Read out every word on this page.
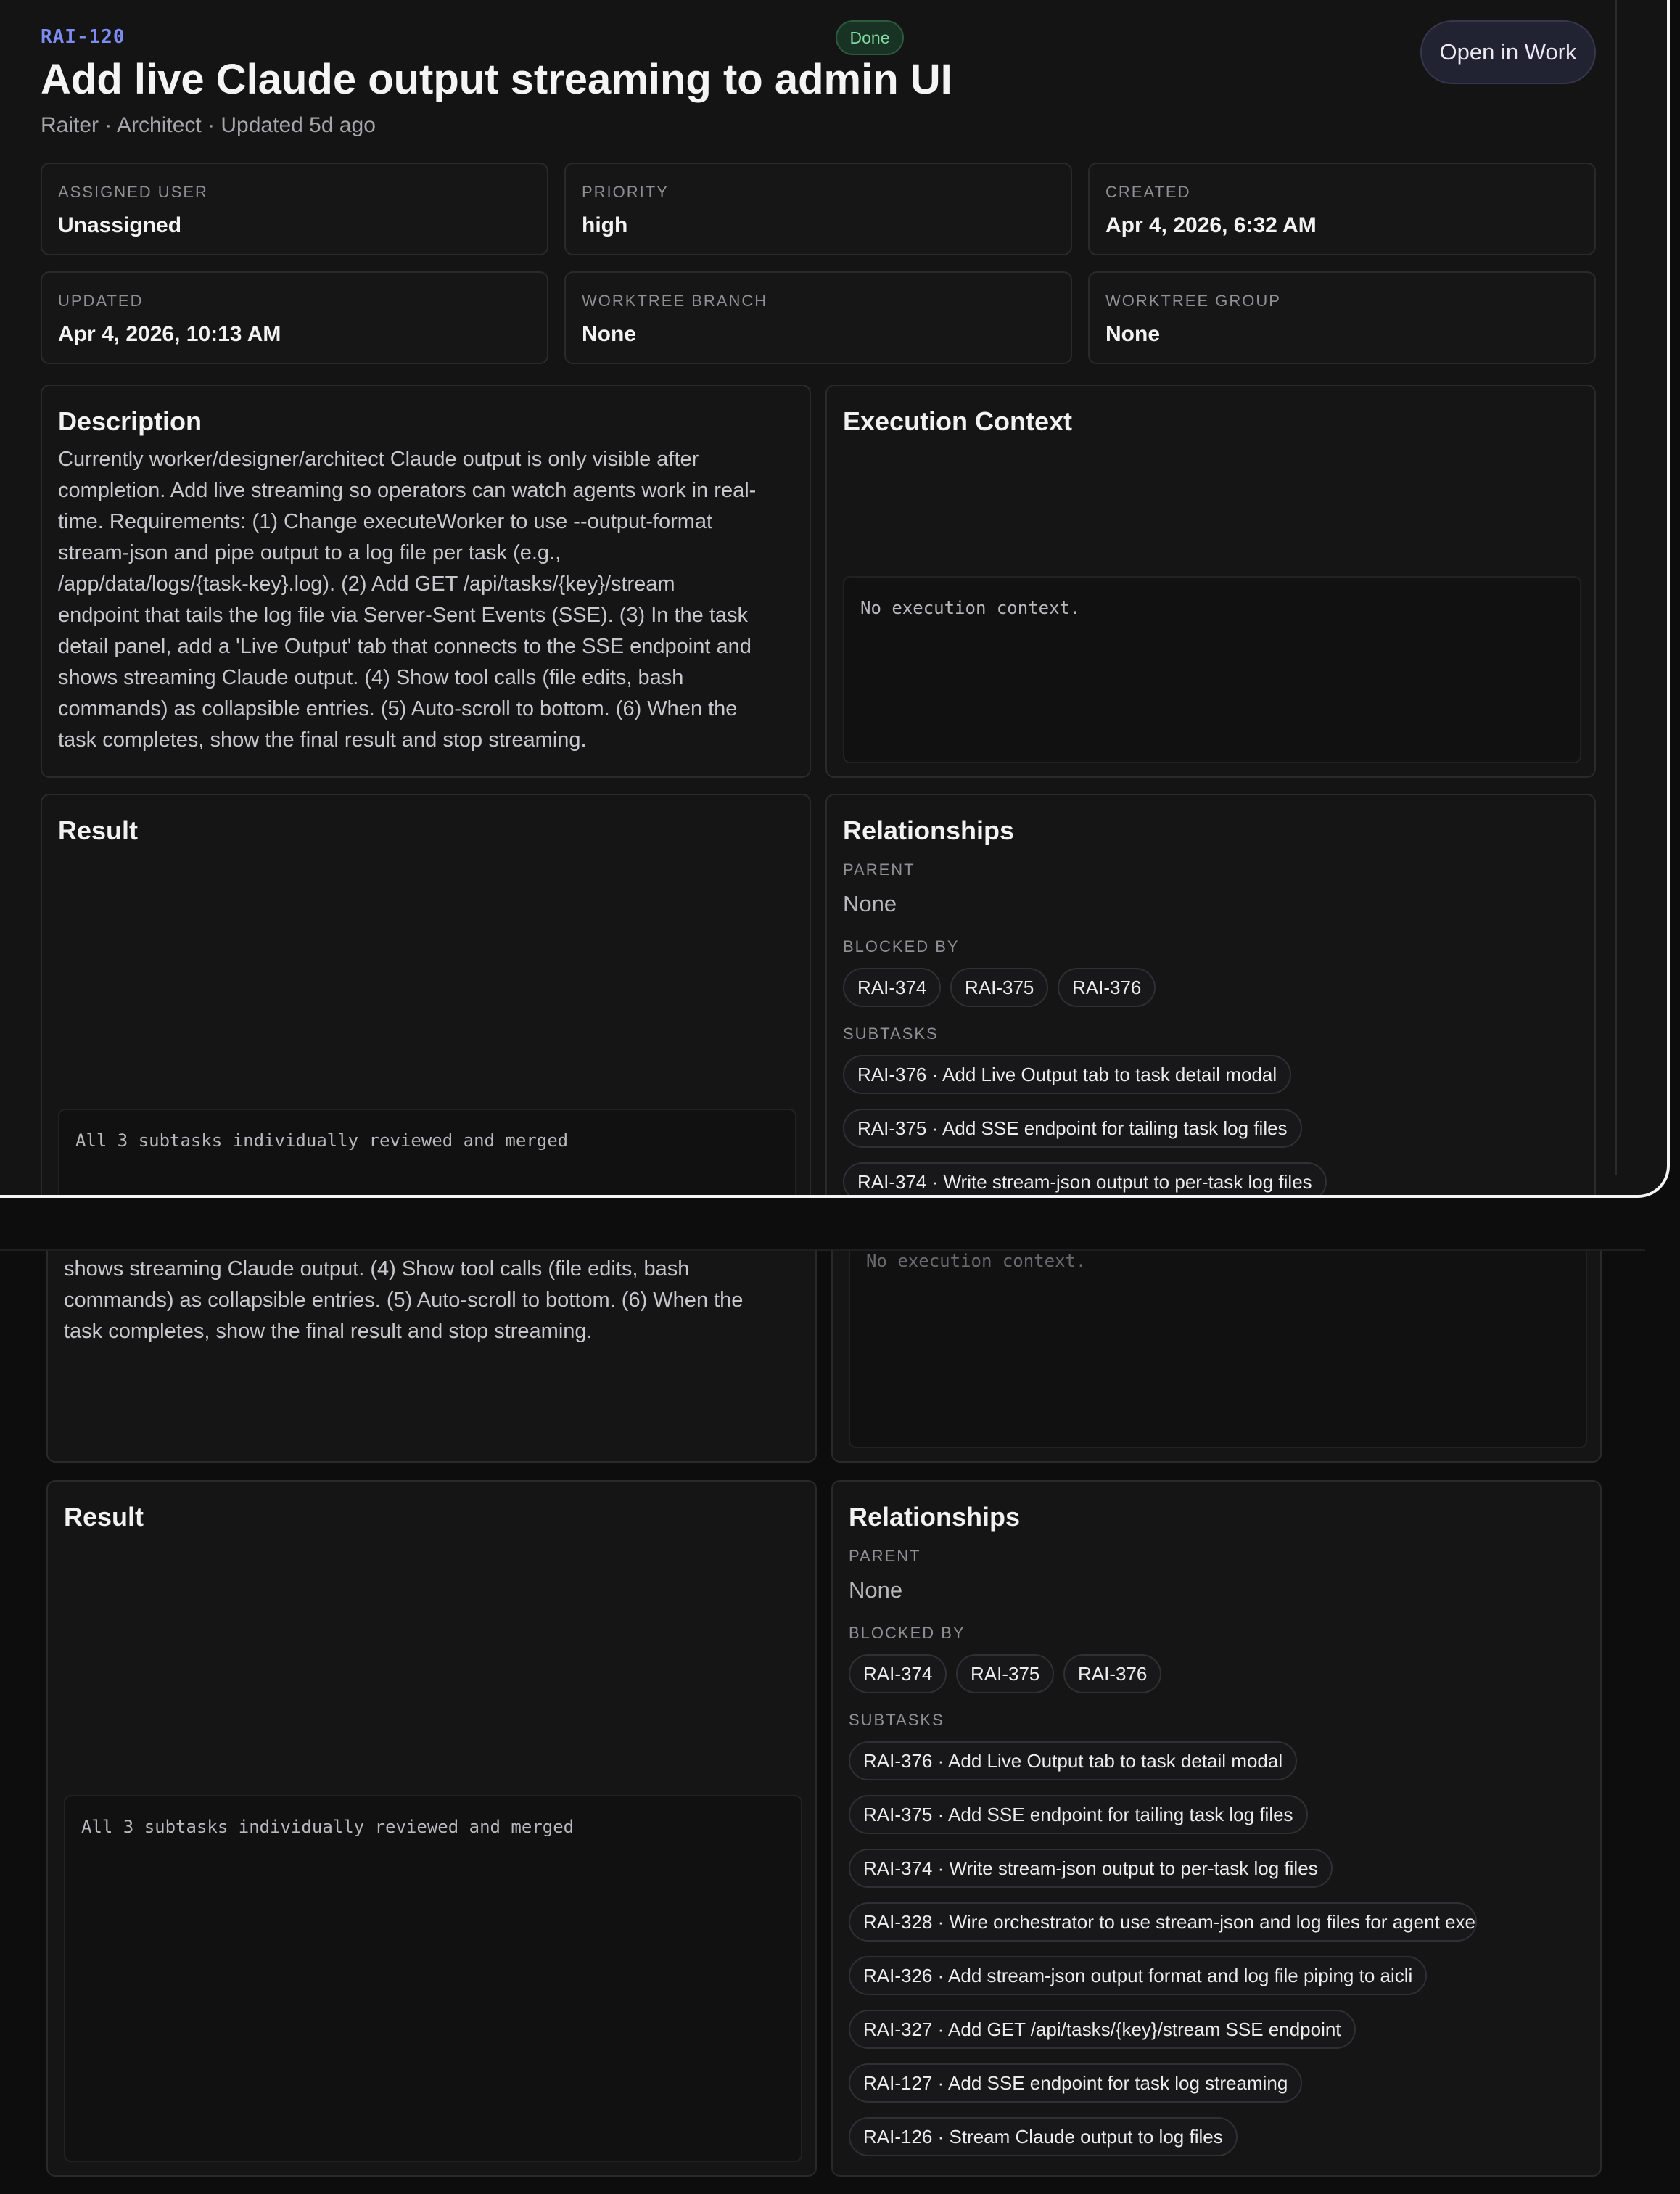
RAI-120	Done
Open in Work
Add live Claude output streaming to admin UI
Raiter · Architect · Updated 5d ago
ASSIGNED USER
Unassigned
PRIORITY
high
CREATED
Apr 4, 2026, 6:32 AM
UPDATED
Apr 4, 2026, 10:13 AM
WORKTREE BRANCH
None
WORKTREE GROUP
None
Description
Currently worker/designer/architect Claude output is only visible after
completion. Add live streaming so operators can watch agents work in real-
time. Requirements: (1) Change executeWorker to use --output-format
stream-json and pipe output to a log file per task (e.g.,
/app/data/logs/{task-key}.log). (2) Add GET /api/tasks/{key}/stream
endpoint that tails the log file via Server-Sent Events (SSE). (3) In the task
detail panel, add a 'Live Output' tab that connects to the SSE endpoint and
shows streaming Claude output. (4) Show tool calls (file edits, bash
commands) as collapsible entries. (5) Auto-scroll to bottom. (6) When the
task completes, show the final result and stop streaming.
Execution Context
No execution context.
Result
All 3 subtasks individually reviewed and merged
Relationships
PARENT
None
BLOCKED BY
RAI-374	RAI-375	RAI-376
SUBTASKS
RAI-376 · Add Live Output tab to task detail modal
RAI-375 · Add SSE endpoint for tailing task log files
RAI-374 · Write stream-json output to per-task log files
shows streaming Claude output. (4) Show tool calls (file edits, bash
commands) as collapsible entries. (5) Auto-scroll to bottom. (6) When the
task completes, show the final result and stop streaming.
No execution context.
Result
All 3 subtasks individually reviewed and merged
Relationships
PARENT
None
BLOCKED BY
RAI-374	RAI-375	RAI-376
SUBTASKS
RAI-376 · Add Live Output tab to task detail modal
RAI-375 · Add SSE endpoint for tailing task log files
RAI-374 · Write stream-json output to per-task log files
RAI-328 · Wire orchestrator to use stream-json and log files for agent exe
RAI-326 · Add stream-json output format and log file piping to aicli
RAI-327 · Add GET /api/tasks/{key}/stream SSE endpoint
RAI-127 · Add SSE endpoint for task log streaming
RAI-126 · Stream Claude output to log files
